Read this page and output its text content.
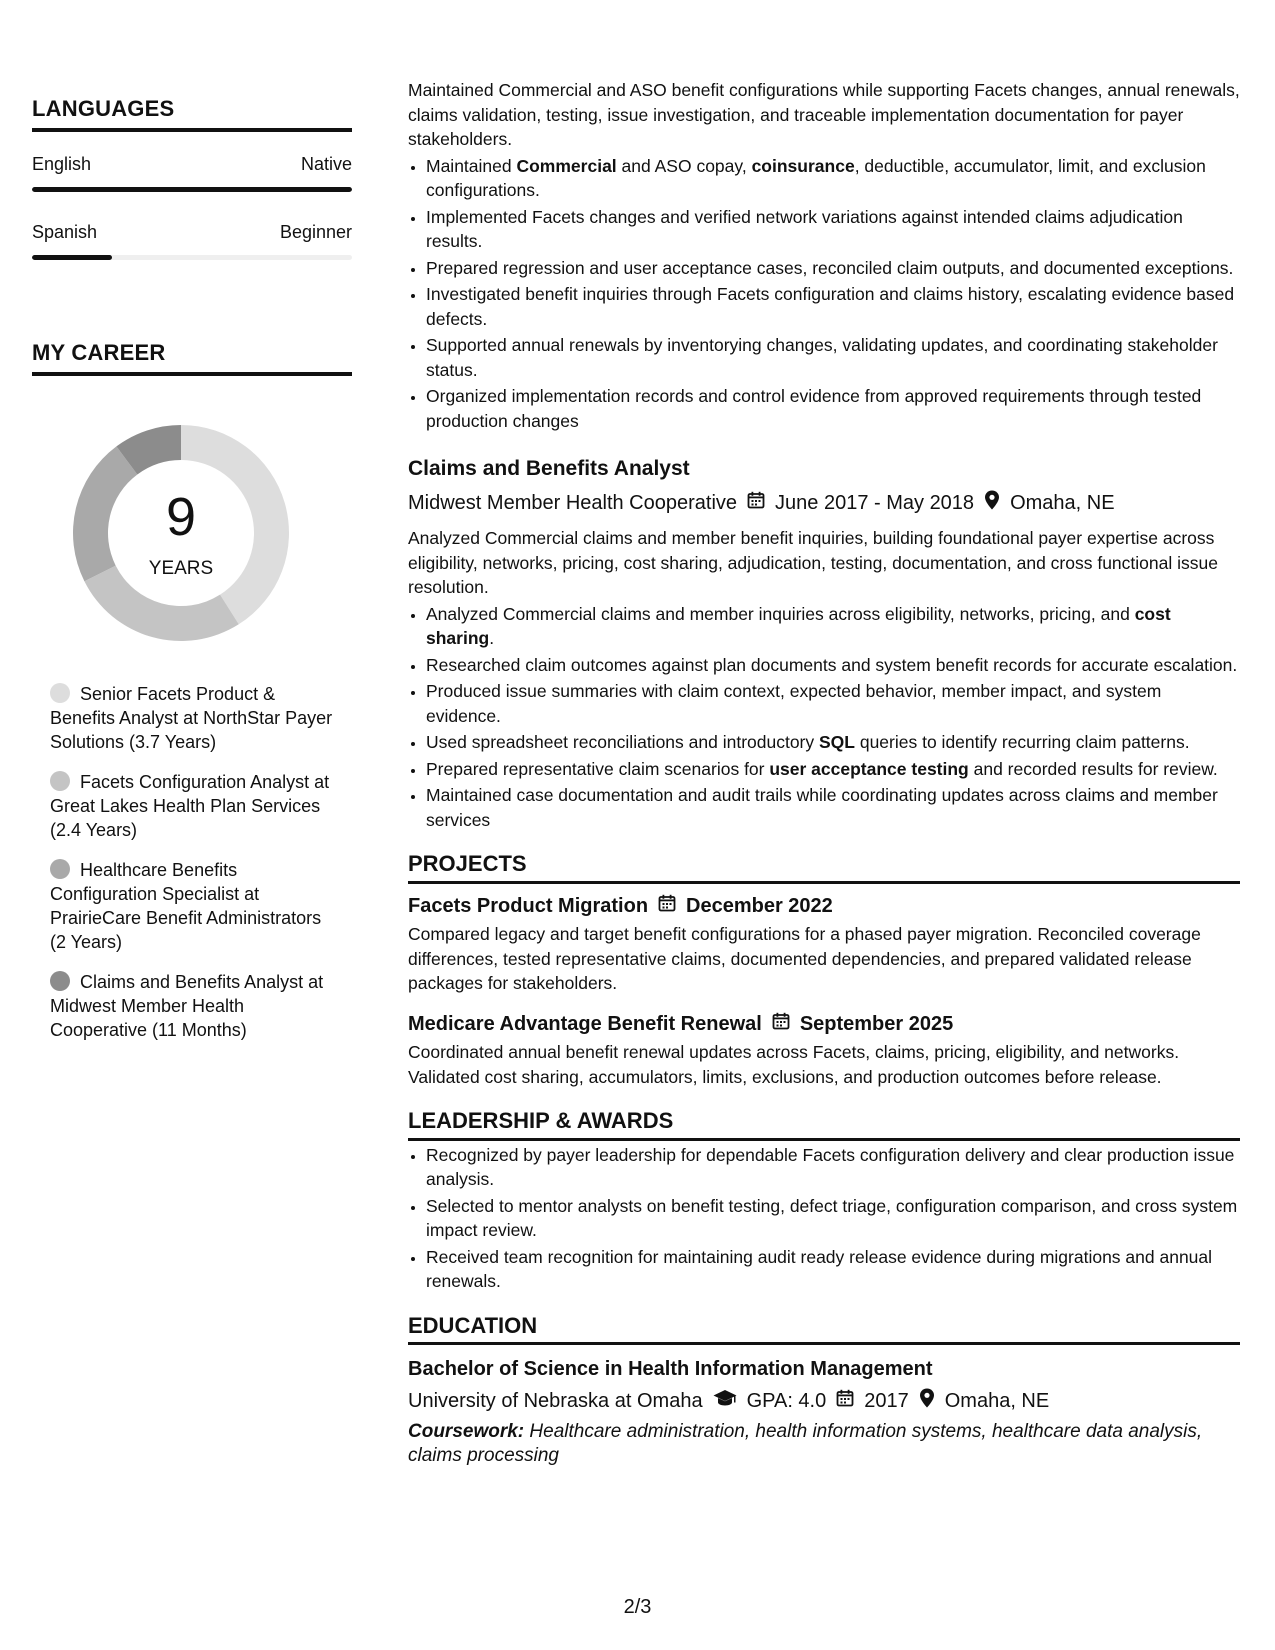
LANGUAGES
English	Native
Spanish	Beginner
MY CAREER
9
YEARS
Senior Facets Product & Benefits Analyst at NorthStar Payer Solutions (3.7 Years)
Facets Configuration Analyst at Great Lakes Health Plan Services (2.4 Years)
Healthcare Benefits Configuration Specialist at PrairieCare Benefit Administrators (2 Years)
Claims and Benefits Analyst at Midwest Member Health Cooperative (11 Months)

Maintained Commercial and ASO benefit configurations while supporting Facets changes, annual renewals, claims validation, testing, issue investigation, and traceable implementation documentation for payer stakeholders.

• Maintained Commercial and ASO copay, coinsurance, deductible, accumulator, limit, and exclusion configurations.
• Implemented Facets changes and verified network variations against intended claims adjudication results.
• Prepared regression and user acceptance cases, reconciled claim outputs, and documented exceptions.
• Investigated benefit inquiries through Facets configuration and claims history, escalating evidence based defects.
• Supported annual renewals by inventorying changes, validating updates, and coordinating stakeholder status.
• Organized implementation records and control evidence from approved requirements through tested production changes
Claims and Benefits Analyst
Midwest Member Health Cooperative June 2017 - May 2018 Omaha, NE

Analyzed Commercial claims and member benefit inquiries, building foundational payer expertise across eligibility, networks, pricing, cost sharing, adjudication, testing, documentation, and cross functional issue resolution.

• Analyzed Commercial claims and member inquiries across eligibility, networks, pricing, and cost sharing.
• Researched claim outcomes against plan documents and system benefit records for accurate escalation.
• Produced issue summaries with claim context, expected behavior, member impact, and system evidence.
• Used spreadsheet reconciliations and introductory SQL queries to identify recurring claim patterns.
• Prepared representative claim scenarios for user acceptance testing and recorded results for review.
• Maintained case documentation and audit trails while coordinating updates across claims and member services
PROJECTS
Facets Product Migration December 2022

Compared legacy and target benefit configurations for a phased payer migration. Reconciled coverage differences, tested representative claims, documented dependencies, and prepared validated release packages for stakeholders.

Medicare Advantage Benefit Renewal September 2025

Coordinated annual benefit renewal updates across Facets, claims, pricing, eligibility, and networks. Validated cost sharing, accumulators, limits, exclusions, and production outcomes before release.

LEADERSHIP & AWARDS
• Recognized by payer leadership for dependable Facets configuration delivery and clear production issue analysis.
• Selected to mentor analysts on benefit testing, defect triage, configuration comparison, and cross system impact review.
• Received team recognition for maintaining audit ready release evidence during migrations and annual renewals.
EDUCATION
Bachelor of Science in Health Information Management
University of Nebraska at Omaha GPA: 4.0 2017 Omaha, NE
Coursework: Healthcare administration, health information systems, healthcare data analysis, claims processing
2/3
